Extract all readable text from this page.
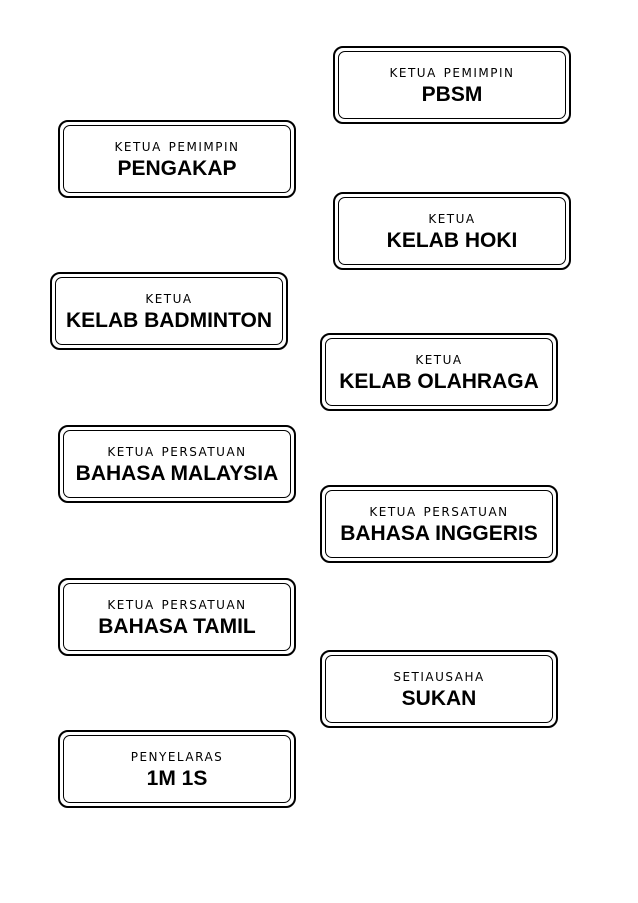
ketua pemimpin
PBSM
ketua pemimpin
PENGAKAP
ketua
KELAB HOKI
ketua
KELAB BADMINTON
ketua
KELAB OLAHRAGA
ketua persatuan
BAHASA MALAYSIA
ketua persatuan
BAHASA INGGERIS
ketua persatuan
BAHASA TAMIL
setiausaha
SUKAN
penyelaras
1M 1S
